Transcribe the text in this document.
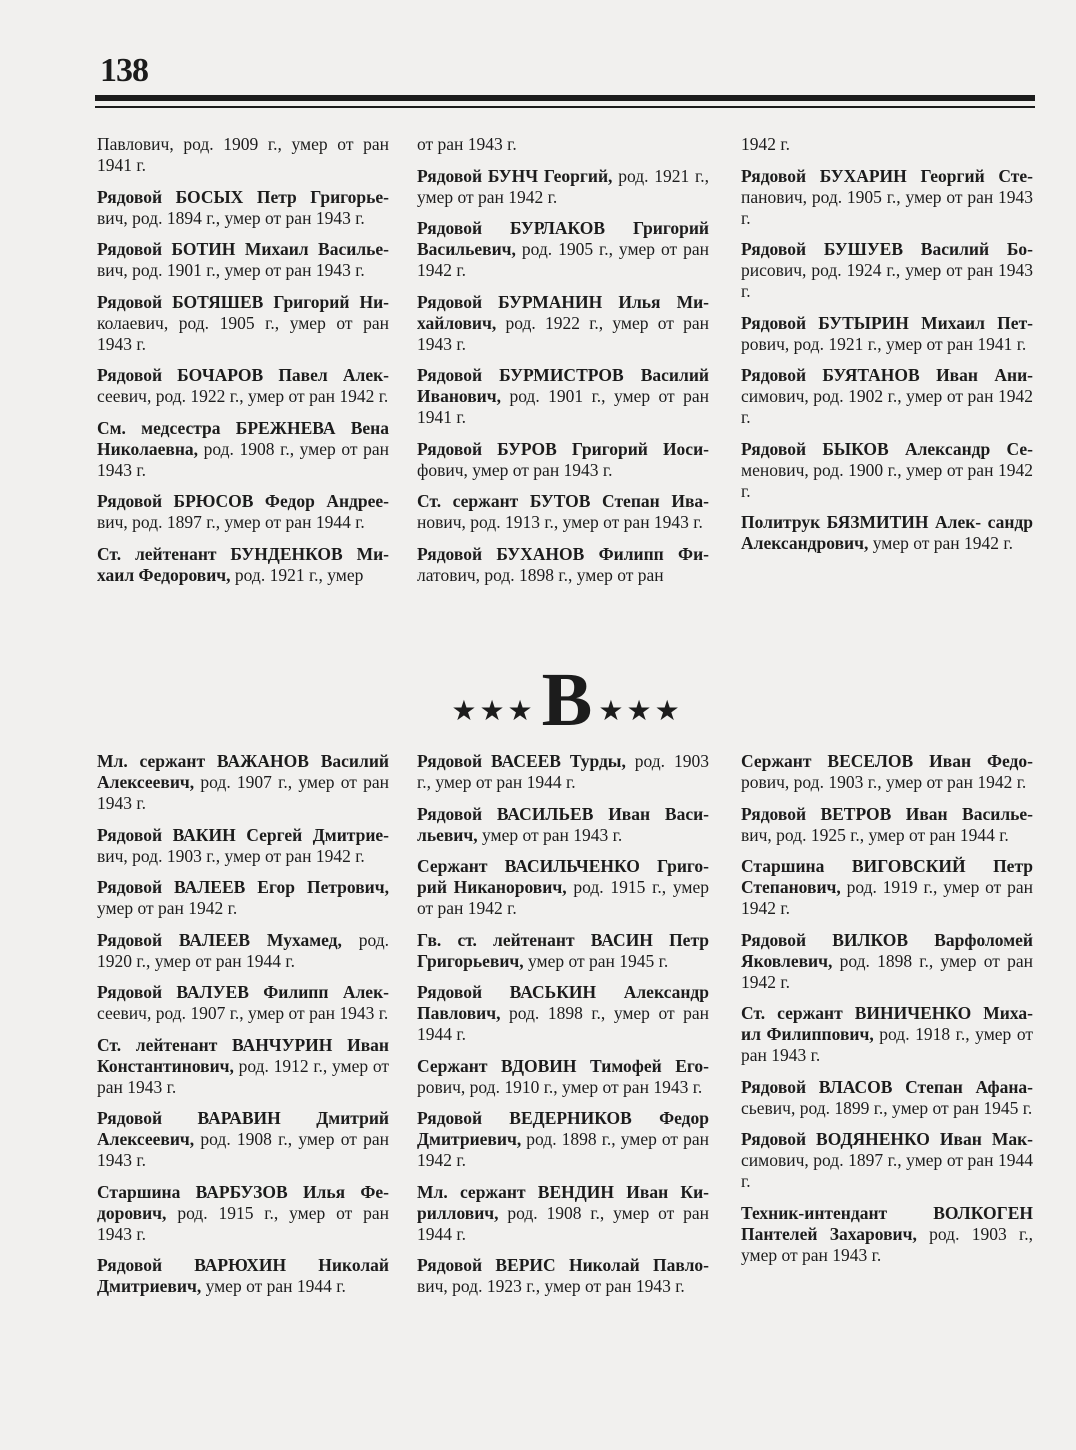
138

Павлович, род. 1909 г., умер от ран 1941 г.

Рядовой БОСЫХ Петр Григорье- вич, род. 1894 г., умер от ран 1943 г.

Рядовой БОТИН Михаил Василье- вич, род. 1901 г., умер от ран 1943 г.

Рядовой БОТЯШЕВ Григорий Ни- колаевич, род. 1905 г., умер от ран 1943 г.

Рядовой БОЧАРОВ Павел Алек- сеевич, род. 1922 г., умер от ран 1942 г.

См. медсестра БРЕЖНЕВА Вена Николаевна, род. 1908 г., умер от ран 1943 г.

Рядовой БРЮСОВ Федор Андрее- вич, род. 1897 г., умер от ран 1944 г.

Ст. лейтенант БУНДЕНКОВ Ми- хаил Федорович, род. 1921 г., умер

от ран 1943 г.

Рядовой БУНЧ Георгий, род. 1921 г., умер от ран 1942 г.

Рядовой БУРЛАКОВ Григорий Васильевич, род. 1905 г., умер от ран 1942 г.

Рядовой БУРМАНИН Илья Ми- хайлович, род. 1922 г., умер от ран 1943 г.

Рядовой БУРМИСТРОВ Василий Иванович, род. 1901 г., умер от ран 1941 г.

Рядовой БУРОВ Григорий Иоси- фович, умер от ран 1943 г.

Ст. сержант БУТОВ Степан Ива- нович, род. 1913 г., умер от ран 1943 г.

Рядовой БУХАНОВ Филипп Фи- латович, род. 1898 г., умер от ран

1942 г.

Рядовой БУХАРИН Георгий Сте- панович, род. 1905 г., умер от ран 1943 г.

Рядовой БУШУЕВ Василий Бо- рисович, род. 1924 г., умер от ран 1943 г.

Рядовой БУТЫРИН Михаил Пет- рович, род. 1921 г., умер от ран 1941 г.

Рядовой БУЯТАНОВ Иван Ани- симович, род. 1902 г., умер от ран 1942 г.

Рядовой БЫКОВ Александр Се- менович, род. 1900 г., умер от ран 1942 г.

Политрук БЯЗМИТИН Алек- сандр Александрович, умер от ран 1942 г.

★★★ В ★★★

Мл. сержант ВАЖАНОВ Василий Алексеевич, род. 1907 г., умер от ран 1943 г.

Рядовой ВАКИН Сергей Дмитрие- вич, род. 1903 г., умер от ран 1942 г.

Рядовой ВАЛЕЕВ Егор Петрович, умер от ран 1942 г.

Рядовой ВАЛЕЕВ Мухамед, род. 1920 г., умер от ран 1944 г.

Рядовой ВАЛУЕВ Филипп Алек- сеевич, род. 1907 г., умер от ран 1943 г.

Ст. лейтенант ВАНЧУРИН Иван Константинович, род. 1912 г., умер от ран 1943 г.

Рядовой ВАРАВИН Дмитрий Алексеевич, род. 1908 г., умер от ран 1943 г.

Старшина ВАРБУЗОВ Илья Фе- дорович, род. 1915 г., умер от ран 1943 г.

Рядовой ВАРЮХИН Николай Дмитриевич, умер от ран 1944 г.

Рядовой ВАСЕЕВ Турды, род. 1903 г., умер от ран 1944 г.

Рядовой ВАСИЛЬЕВ Иван Васи- льевич, умер от ран 1943 г.

Сержант ВАСИЛЬЧЕНКО Григо- рий Никанорович, род. 1915 г., умер от ран 1942 г.

Гв. ст. лейтенант ВАСИН Петр Григорьевич, умер от ран 1945 г.

Рядовой ВАСЬКИН Александр Павлович, род. 1898 г., умер от ран 1944 г.

Сержант ВДОВИН Тимофей Его- рович, род. 1910 г., умер от ран 1943 г.

Рядовой ВЕДЕРНИКОВ Федор Дмитриевич, род. 1898 г., умер от ран 1942 г.

Мл. сержант ВЕНДИН Иван Ки- риллович, род. 1908 г., умер от ран 1944 г.

Рядовой ВЕРИС Николай Павло- вич, род. 1923 г., умер от ран 1943 г.

Сержант ВЕСЕЛОВ Иван Федо- рович, род. 1903 г., умер от ран 1942 г.

Рядовой ВЕТРОВ Иван Васильe- вич, род. 1925 г., умер от ран 1944 г.

Старшина ВИГОВСКИЙ Петр Степанович, род. 1919 г., умер от ран 1942 г.

Рядовой ВИЛКОВ Варфоломей Яковлевич, род. 1898 г., умер от ран 1942 г.

Ст. сержант ВИНИЧЕНКО Миха- ил Филиппович, род. 1918 г., умер от ран 1943 г.

Рядовой ВЛАСОВ Степан Афана- сьевич, род. 1899 г., умер от ран 1945 г.

Рядовой ВОДЯНЕНКО Иван Мак- симович, род. 1897 г., умер от ран 1944 г.

Техник-интендант ВОЛКОГЕН Пантелей Захарович, род. 1903 г., умер от ран 1943 г.
